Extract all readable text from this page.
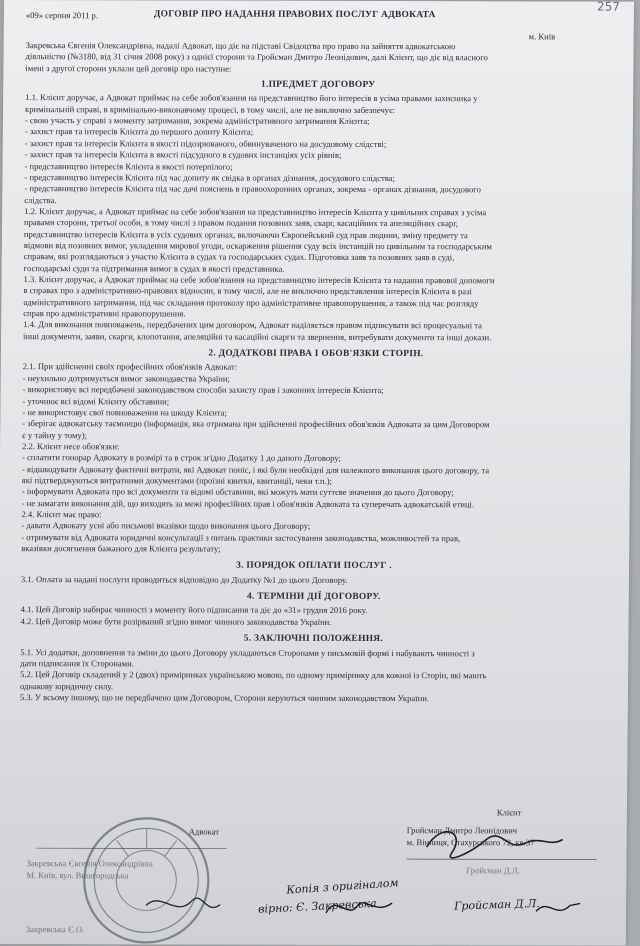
257
«09» серпня 2011 р.	ДОГОВІР ПРО НАДАННЯ ПРАВОВИХ ПОСЛУГ АДВОКАТА
м. Київ
Закревська Євгенія Олександрівна, надалі Адвокат, що діє на підставі Свідоцтва про право на зайняття адвокатською
діяльністю (№3180, від 31 січня 2008 року) з однієї сторони та Гройсман Дмитро Леонідович, далі Клієнт, що діє від власного
імені з другої сторони уклали цей договір про наступне:
1.ПРЕДМЕТ ДОГОВОРУ
1.1. Клієнт доручає, а Адвокат приймає на себе зобов'язання на представництво його інтересів в усіма правами захисника у
кримінальній справі, в кримінально-виконавчому процесі, в тому числі, але не виключно забезпечує:
- свою участь у справі з моменту затримання, зокрема адміністративного затримання Клієнта;
- захист прав та інтересів Клієнта до першого допиту Клієнта;
- захист прав та інтересів Клієнта в якості підозрюваного, обвинуваченого на досудовому слідстві;
- захист прав та інтересів Клієнта в якості підсудного в судових інстанціях усіх рівнів;
- представництво інтересів Клієнта в якості потерпілого;
- представництво інтересів Клієнта під час допиту як свідка в органах дізнання, досудового слідства;
- представництво інтересів Клієнта під час дачі пояснень в правоохоронних органах, зокрема - органах дізнання, досудового
слідства.
1.2. Клієнт доручає, а Адвокат приймає на себе зобов'язання на представництво інтересів Клієнта у цивільних справах з усіма
правами сторони, третьої особи, в тому числі з правом подання позовних заяв, скарг, касаційних та апеляційних скарг,
представництво інтересів Клієнта в усіх судових органах, включаючи Європейський суд прав людини, зміну предмету та
відмови від позовних вимог, укладення мирової угоди, оскарження рішення суду всіх інстанцій по цивільним та господарським
справам, які розглядаються з участю Клієнта в судах та господарських судах. Підготовка заяв та позовних заяв в суді,
господарські суди та підтримання вимог в судах в якості представника.
1.3. Клієнт доручає, а Адвокат приймає на себе зобов'язання на представництво інтересів Клієнта та надання правової допомоги
в справах про з адміністративно-правових відносин, в тому числі, але не виключно представлення інтересів Клієнта в разі
адміністративного затримання, під час складання протоколу про адміністративне правопорушення, а також під час розгляду
справ про адміністративні правопорушення.
1.4. Для виконання повноважень, передбачених цим договором, Адвокат наділяється правом підписувати всі процесуальні та
інші документи, заяви, скарги, клопотання, апеляційні та касаційні скарги та звернення, витребувати документи та інші докази.
2. ДОДАТКОВІ ПРАВА І ОБОВ'ЯЗКИ СТОРІН.
2.1. При здійсненні своїх професійних обов'язків Адвокат:
- неухильно дотримується вимог законодавства України;
- використовує всі передбачені законодавством способи захисту прав і законних інтересів Клієнта;
- уточнює всі відомі Клієнту обставини;
- не використовує свої повноваження на шкоду Клієнта;
- зберігає адвокатську таємницю (інформація, яка отримана при здійсненні професійних обов'язків Адвоката за цим Договором
є у тайну у тому);
2.2. Клієнт несе обов'язки:
- сплатити гонорар Адвокату в розмірі та в строк згідно Додатку 1 до даного Договору;
- відшкодувати Адвокату фактичні витрати, які Адвокат поніс, і які були необхідні для належного виконання цього договору, та
які підтверджуються витратними документами (проїзні квитки, квитанції, чеки т.п.);
- інформувати Адвоката про всі документи та відомі обставини, які можуть мати суттєве значення до цього Договору;
- не замагати виконання дій, що виходять за межі професійних прав і обов'язків Адвоката та суперечать адвокатській етиці.
2.4. Клієнт має право:
- давати Адвокату усні або письмові вказівки щодо виконання цього Договору;
- отримувати від Адвоката юридичні консультації з питань практики застосування законодавства, можливостей та прав,
вказівки досягнення бажаного для Клієнта результату;
3. ПОРЯДОК ОПЛАТИ ПОСЛУГ .
3.1. Оплата за надані послуги проводиться відповідно до Додатку №1 до цього Договору.
4. ТЕРМІНИ ДІЇ ДОГОВОРУ.
4.1. Цей Договір набирає чинності з моменту його підписання та діє до «31» грудня 2016 року.
4.2. Цей Договір може бути розірваний згідно вимог чинного законодавства України.
5. ЗАКЛЮЧНІ ПОЛОЖЕННЯ.
5.1. Усі додатки, доповнення та зміни до цього Договору укладаються Сторонами у письмовій формі і набувають чинності з
дати підписання їх Сторонами.
5.2. Цей Договір складений у 2 (двох) примірниках українською мовою, по одному примірнику для кожної із Сторін, які мають
однакову юридичну силу.
5.3. У всьому іншому, що не передбачено цим Договором, Сторони керуються чинним законодавством України.
Адвокат
Клієнт
Гройсман Дмитро Леонідович
м. Вінниця, Стахурського 72, кв.37
Закревська Євгенія Олександрівна
М. Київ, вул. Вишгородська	Гройсман Д.Л.
Закревська Є.О.
Копія з оригіналом
вірно: Є. Закревська	Гройсман Д.Л.
